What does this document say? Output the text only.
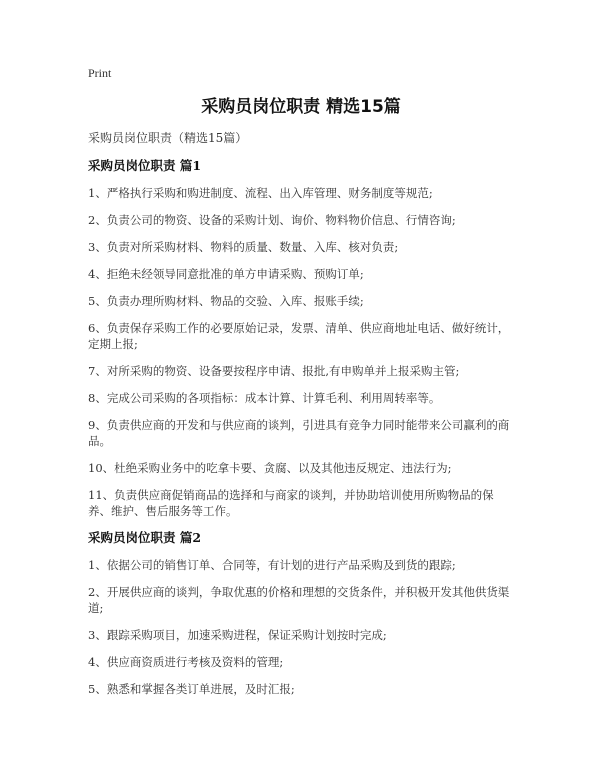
Print
采购员岗位职责 精选15篇
采购员岗位职责（精选15篇）
采购员岗位职责 篇1
1、严格执行采购和购进制度、流程、出入库管理、财务制度等规范;
2、负责公司的物资、设备的采购计划、询价、物料物价信息、行情咨询;
3、负责对所采购材料、物料的质量、数量、入库、核对负责;
4、拒绝未经领导同意批准的单方申请采购、预购订单;
5、负责办理所购材料、物品的交验、入库、报账手续;
6、负责保存采购工作的必要原始记录，发票、清单、供应商地址电话、做好统计，定期上报;
7、对所采购的物资、设备要按程序申请、报批,有申购单并上报采购主管;
8、完成公司采购的各项指标：成本计算、计算毛利、利用周转率等。
9、负责供应商的开发和与供应商的谈判，引进具有竞争力同时能带来公司赢利的商品。
10、杜绝采购业务中的吃拿卡要、贪腐、以及其他违反规定、违法行为;
11、负责供应商促销商品的选择和与商家的谈判，并协助培训使用所购物品的保养、维护、售后服务等工作。
采购员岗位职责 篇2
1、依据公司的销售订单、合同等，有计划的进行产品采购及到货的跟踪;
2、开展供应商的谈判，争取优惠的价格和理想的交货条件，并积极开发其他供货渠道;
3、跟踪采购项目，加速采购进程，保证采购计划按时完成;
4、供应商资质进行考核及资料的管理;
5、熟悉和掌握各类订单进展，及时汇报;
